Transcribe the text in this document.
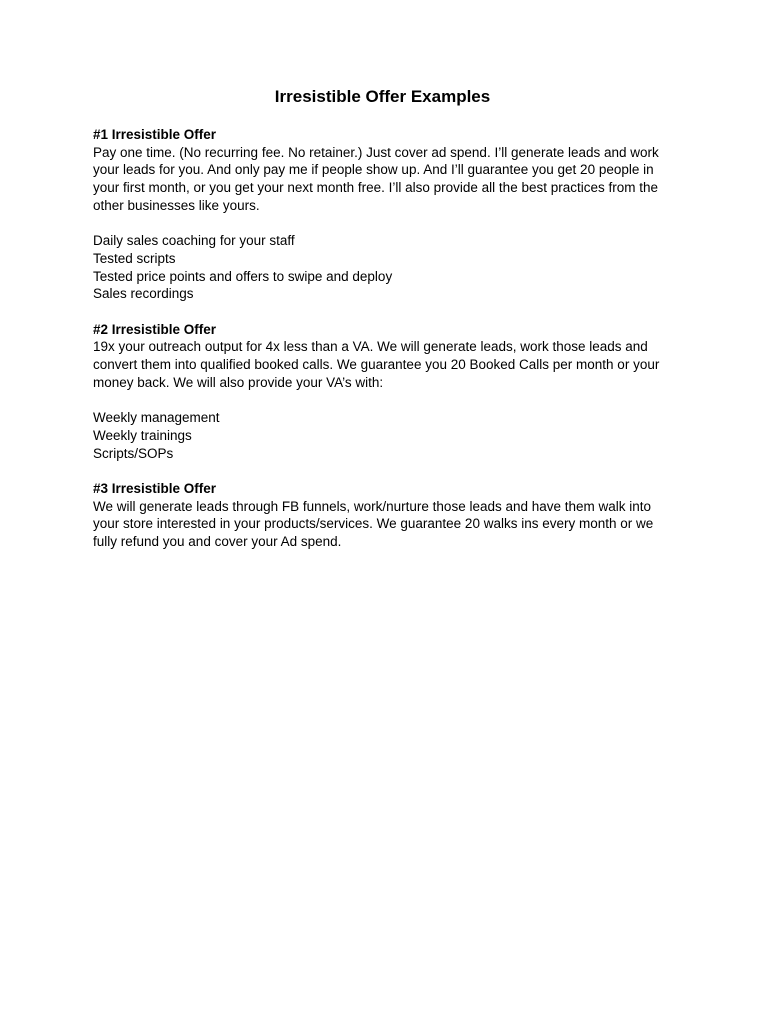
Irresistible Offer Examples

#1 Irresistible Offer

Pay one time. (No recurring fee. No retainer.) Just cover ad spend. I’ll generate leads and work your leads for you. And only pay me if people show up. And I’ll guarantee you get 20 people in your first month, or you get your next month free. I’ll also provide all the best practices from the other businesses like yours.

Daily sales coaching for your staff
Tested scripts
Tested price points and offers to swipe and deploy
Sales recordings

#2 Irresistible Offer

19x your outreach output for 4x less than a VA. We will generate leads, work those leads and convert them into qualified booked calls. We guarantee you 20 Booked Calls per month or your money back. We will also provide your VA’s with:

Weekly management
Weekly trainings
Scripts/SOPs

#3 Irresistible Offer

We will generate leads through FB funnels, work/nurture those leads and have them walk into your store interested in your products/services. We guarantee 20 walks ins every month or we fully refund you and cover your Ad spend.
